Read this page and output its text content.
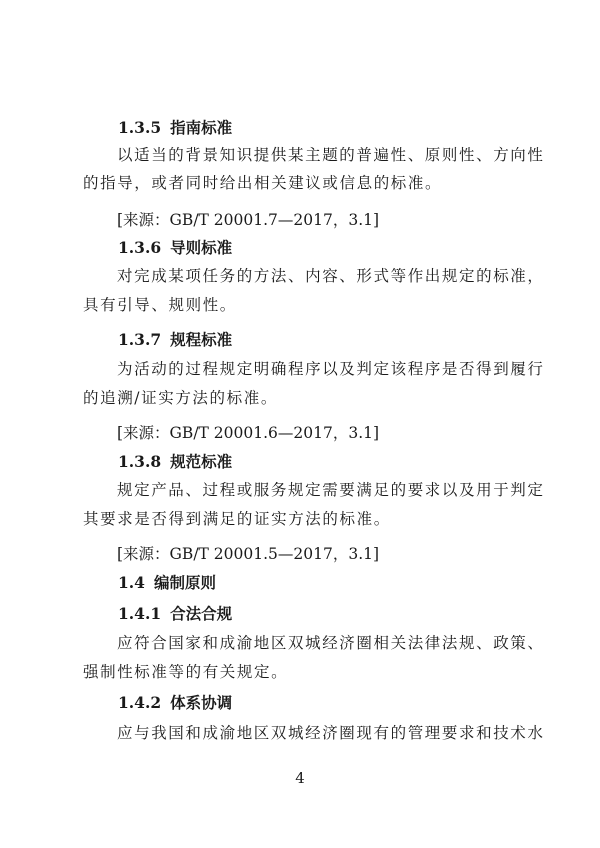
1.3.5 指南标准
以适当的背景知识提供某主题的普遍性、原则性、方向性
的指导，或者同时给出相关建议或信息的标准。
[来源：GB/T 20001.7—2017，3.1]
1.3.6 导则标准
对完成某项任务的方法、内容、形式等作出规定的标准，
具有引导、规则性。
1.3.7 规程标准
为活动的过程规定明确程序以及判定该程序是否得到履行
的追溯/证实方法的标准。
[来源：GB/T 20001.6—2017，3.1]
1.3.8 规范标准
规定产品、过程或服务规定需要满足的要求以及用于判定
其要求是否得到满足的证实方法的标准。
[来源：GB/T 20001.5—2017，3.1]
1.4 编制原则
1.4.1 合法合规
应符合国家和成渝地区双城经济圈相关法律法规、政策、
强制性标准等的有关规定。
1.4.2 体系协调
应与我国和成渝地区双城经济圈现有的管理要求和技术水
4
